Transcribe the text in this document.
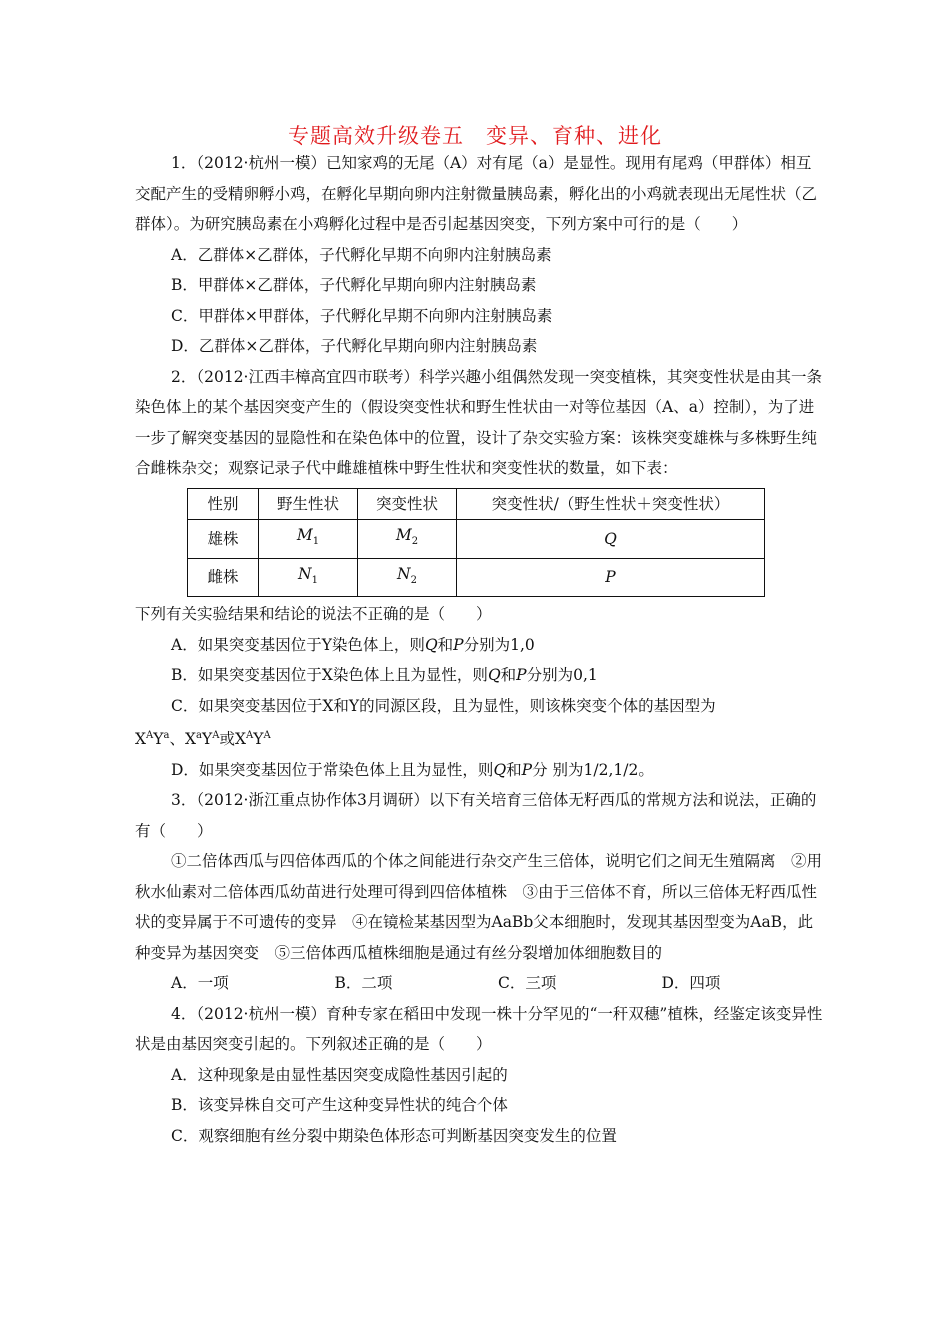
专题高效升级卷五　变异、育种、进化

1．（2012·杭州一模）已知家鸡的无尾（A）对有尾（a）是显性。现用有尾鸡（甲群体）相互交配产生的受精卵孵小鸡，在孵化早期向卵内注射微量胰岛素，孵化出的小鸡就表现出无尾性状（乙群体）。为研究胰岛素在小鸡孵化过程中是否引起基因突变，下列方案中可行的是（　　）

A．乙群体×乙群体，子代孵化早期不向卵内注射胰岛素

B．甲群体×乙群体，子代孵化早期向卵内注射胰岛素

C．甲群体×甲群体，子代孵化早期不向卵内注射胰岛素

D．乙群体×乙群体，子代孵化早期向卵内注射胰岛素

2．（2012·江西丰樟高宜四市联考）科学兴趣小组偶然发现一突变植株，其突变性状是由其一条染色体上的某个基因突变产生的（假设突变性状和野生性状由一对等位基因（A、a）控制），为了进一步了解突变基因的显隐性和在染色体中的位置，设计了杂交实验方案：该株突变雄株与多株野生纯合雌株杂交；观察记录子代中雌雄植株中野生性状和突变性状的数量，如下表：

性别	野生性状	突变性状	突变性状/（野生性状＋突变性状）
雄株	$M_1$	$M_2$	Q
雌株	$N_1$	$N_2$	P

下列有关实验结果和结论的说法不正确的是（　　）

A．如果突变基因位于Y染色体上，则Q和P分别为1,0

B．如果突变基因位于X染色体上且为显性，则Q和P分别为0,1

C．如果突变基因位于X和Y的同源区段，且为显性，则该株突变个体的基因型为

$X^AY^a$、$X^aY^A$或$X^AY^A$

D．如果突变基因位于常染色体上且为显性，则Q和P分 别为1/2,1/2。

3．（2012·浙江重点协作体3月调研）以下有关培育三倍体无籽西瓜的常规方法和说法，正确的有（　　）

①二倍体西瓜与四倍体西瓜的个体之间能进行杂交产生三倍体，说明它们之间无生殖隔离　②用秋水仙素对二倍体西瓜幼苗进行处理可得到四倍体植株　③由于三倍体不育，所以三倍体无籽西瓜性状的变异属于不可遗传的变异　④在镜检某基因型为AaBb父本细胞时，发现其基因型变为AaB，此种变异为基因突变　⑤三倍体西瓜植株细胞是通过有丝分裂增加体细胞数目的

A．一项	B．二项	C．三项	D．四项

4．（2012·杭州一模）育种专家在稻田中发现一株十分罕见的“一秆双穗”植株，经鉴定该变异性状是由基因突变引起的。下列叙述正确的是（　　）

A．这种现象是由显性基因突变成隐性基因引起的

B．该变异株自交可产生这种变异性状的纯合个体

C．观察细胞有丝分裂中期染色体形态可判断基因突变发生的位置
